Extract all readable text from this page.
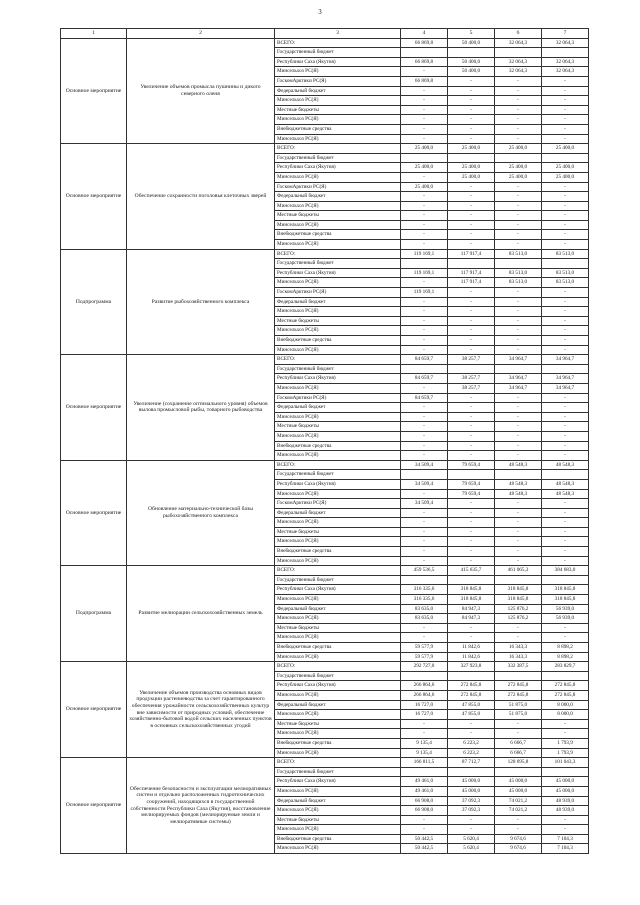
3
1	2	3	4	5	6	7
Основное мероприятие	Увеличение объемов промысла пушнины и дикого северного оленя	ВСЕГО:	66 869,8	50 400,0	32 064,3	32 064,3
		Государственный бюджет				
		Республики Саха (Якутия)	66 869,8	50 400,0	32 064,3	32 064,3
		Минсельхоз РС(Я)	-	50 400,0	32 064,3	32 064,3
		ГоскомАрктики РС(Я)	66 869,8	-	-	-
		Федеральный бюджет	-	-	-	-
		Минсельхоз РС(Я)	-	-	-	-
		Местные бюджеты	-	-	-	-
		Минсельхоз РС(Я)	-	-	-	-
		Внебюджетные средства	-	-	-	-
		Минсельхоз РС(Я)	-	-	-	-
Основное мероприятие	Обеспечение сохранности поголовья клеточных зверей	ВСЕГО:	25 400,0	25 400,0	25 400,0	25 400,0
		Государственный бюджет				
		Республики Саха (Якутия)	25 400,0	25 400,0	25 400,0	25 400,0
		Минсельхоз РС(Я)	-	25 400,0	25 400,0	25 400,0
		ГоскомАрктики РС(Я)	25 400,0	-	-	-
		Федеральный бюджет	-	-	-	-
		Минсельхоз РС(Я)	-	-	-	-
		Местные бюджеты	-	-	-	-
		Минсельхоз РС(Я)	-	-	-	-
		Внебюджетные средства	-	-	-	-
		Минсельхоз РС(Я)	-	-	-	-
Подпрограмма	Развитие рыбохозяйственного комплекса	ВСЕГО:	119 169,1	117 917,4	83 513,0	83 513,0
		Государственный бюджет				
		Республики Саха (Якутия)	119 169,1	117 917,4	83 513,0	83 513,0
		Минсельхоз РС(Я)	-	117 917,4	83 513,0	83 513,0
		ГоскомАрктики РС(Я)	119 169,1	-	-	-
		Федеральный бюджет	-	-	-	-
		Минсельхоз РС(Я)	-	-	-	-
		Местные бюджеты	-	-	-	-
		Минсельхоз РС(Я)	-	-	-	-
		Внебюджетные средства	-	-	-	-
		Минсельхоз РС(Я)	-	-	-	-
Основное мероприятие	Увеличение (сохранение оптимального уровня) объемов вылова промысловой рыбы, товарного рыбоводства	ВСЕГО:	84 659,7	38 257,7	34 964,7	34 964,7
		Государственный бюджет				
		Республики Саха (Якутия)	84 659,7	38 257,7	34 964,7	34 964,7
		Минсельхоз РС(Я)	-	38 257,7	34 964,7	34 964,7
		ГоскомАрктики РС(Я)	84 659,7	-	-	-
		Федеральный бюджет	-	-	-	-
		Минсельхоз РС(Я)	-	-	-	-
		Местные бюджеты	-	-	-	-
		Минсельхоз РС(Я)	-	-	-	-
		Внебюджетные средства	-	-	-	-
		Минсельхоз РС(Я)	-	-	-	-
Основное мероприятие	Обновление материально-технической базы рыбохозяйственного комплекса	ВСЕГО:	34 509,4	79 659,4	48 548,3	48 548,3
		Государственный бюджет				
		Республики Саха (Якутия)	34 509,4	79 659,4	48 548,3	48 548,3
		Минсельхоз РС(Я)	-	79 659,4	48 548,3	48 548,3
		ГоскомАрктики РС(Я)	34 509,4	-	-	-
		Федеральный бюджет	-	-	-	-
		Минсельхоз РС(Я)	-	-	-	-
		Местные бюджеты	-	-	-	-
		Минсельхоз РС(Я)	-	-	-	-
		Внебюджетные средства	-	-	-	-
		Минсельхоз РС(Я)	-	-	-	-
Подпрограмма	Развитие мелиорации сельскохозяйственных земель	ВСЕГО:	459 536,5	415 635,7	461 065,3	384 683,0
		Государственный бюджет				
		Республики Саха (Якутия)	316 335,6	318 845,8	318 845,8	318 845,8
		Минсельхоз РС(Я)	316 335,6	318 845,8	318 845,8	318 845,8
		Федеральный бюджет	83 635,0	84 947,3	125 876,2	56 939,0
		Минсельхоз РС(Я)	83 635,0	84 947,3	125 876,2	56 939,0
		Местные бюджеты	-	-	-	-
		Минсельхоз РС(Я)	-	-	-	-
		Внебюджетные средства	59 577,9	11 842,6	16 343,3	8 898,2
		Минсельхоз РС(Я)	59 577,9	11 842,6	16 343,3	8 898,2
Основное мероприятие	Увеличение объемов производства основных видов продукции растениеводства за счет гарантированного обеспечения урожайности сельскохозяйственных культур вне зависимости от природных условий, обеспечение хозяйственно-бытовой водой сельских населенных пунктов в основных сельскохозяйственных угодий	ВСЕГО:	292 727,0	327 923,8	332 387,5	283 829,7
		Государственный бюджет				
		Республики Саха (Якутия)	266 864,6	272 845,8	272 845,8	272 845,8
		Минсельхоз РС(Я)	266 864,6	272 845,8	272 845,8	272 845,8
		Федеральный бюджет	16 727,0	47 855,0	51 875,0	8 000,0
		Минсельхоз РС(Я)	16 727,0	47 855,0	51 875,0	8 000,0
		Местные бюджеты	-	-	-	-
		Минсельхоз РС(Я)	-	-	-	-
		Внебюджетные средства	9 135,4	6 223,2	6 666,7	1 793,9
		Минсельхоз РС(Я)	9 135,4	6 223,2	6 666,7	1 793,9
Основное мероприятие	Обеспечение безопасности и эксплуатации мелиоративных систем и отдельно расположенных гидротехнических сооружений, находящихся в государственной собственности Республики Саха (Якутия), восстановление мелиорируемых фондов (мелиорируемые земли и мелиоративные системы)	ВСЕГО:	166 811,5	87 712,7	128 695,8	101 043,3
		Государственный бюджет				
		Республики Саха (Якутия)	49 461,0	45 000,0	45 000,0	45 000,0
		Минсельхоз РС(Я)	49 461,0	45 000,0	45 000,0	45 000,0
		Федеральный бюджет	66 908,0	37 092,3	74 021,2	48 939,0
		Минсельхоз РС(Я)	66 908,0	37 092,3	74 021,2	48 939,0
		Местные бюджеты	-	-	-	-
		Минсельхоз РС(Я)	-	-	-	-
		Внебюджетные средства	50 442,5	5 620,4	9 674,6	7 104,3
		Минсельхоз РС(Я)	50 442,5	5 620,4	9 674,6	7 104,3
